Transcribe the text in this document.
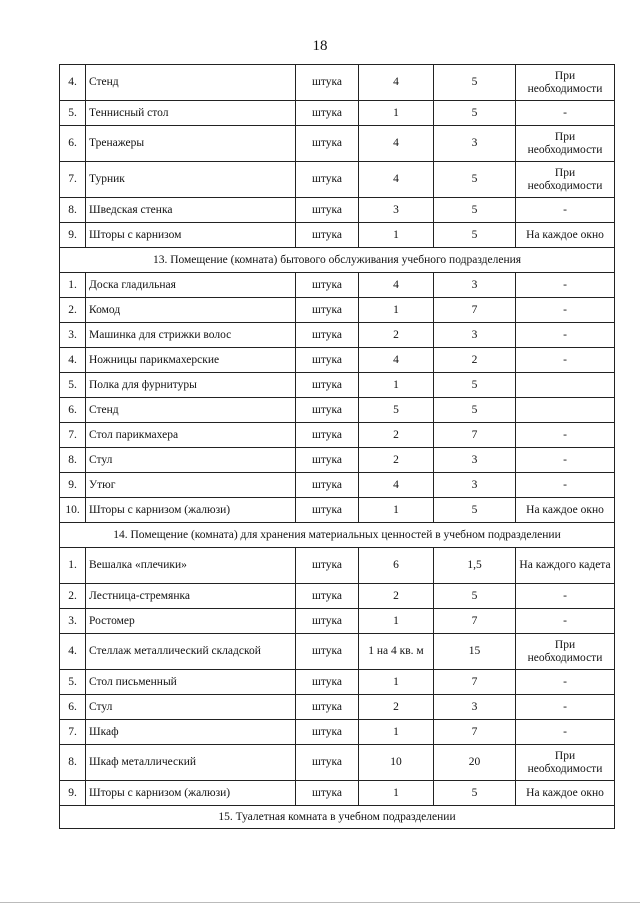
18
4.	Стенд	штука	4	5	При необходимости
5.	Теннисный стол	штука	1	5	-
6.	Тренажеры	штука	4	3	При необходимости
7.	Турник	штука	4	5	При необходимости
8.	Шведская стенка	штука	3	5	-
9.	Шторы с карнизом	штука	1	5	На каждое окно
13. Помещение (комната) бытового обслуживания учебного подразделения					
1.	Доска гладильная	штука	4	3	-
2.	Комод	штука	1	7	-
3.	Машинка для стрижки волос	штука	2	3	-
4.	Ножницы парикмахерские	штука	4	2	-
5.	Полка для фурнитуры	штука	1	5	
6.	Стенд	штука	5	5	
7.	Стол парикмахера	штука	2	7	-
8.	Стул	штука	2	3	-
9.	Утюг	штука	4	3	-
10.	Шторы с карнизом (жалюзи)	штука	1	5	На каждое окно
14. Помещение (комната) для хранения материальных ценностей в учебном подразделении					
1.	Вешалка «плечики»	штука	6	1,5	На каждого кадета
2.	Лестница-стремянка	штука	2	5	-
3.	Ростомер	штука	1	7	-
4.	Стеллаж металлический складской	штука	1 на 4 кв. м	15	При необходимости
5.	Стол письменный	штука	1	7	-
6.	Стул	штука	2	3	-
7.	Шкаф	штука	1	7	-
8.	Шкаф металлический	штука	10	20	При необходимости
9.	Шторы с карнизом (жалюзи)	штука	1	5	На каждое окно
15. Туалетная комната в учебном подразделении					
